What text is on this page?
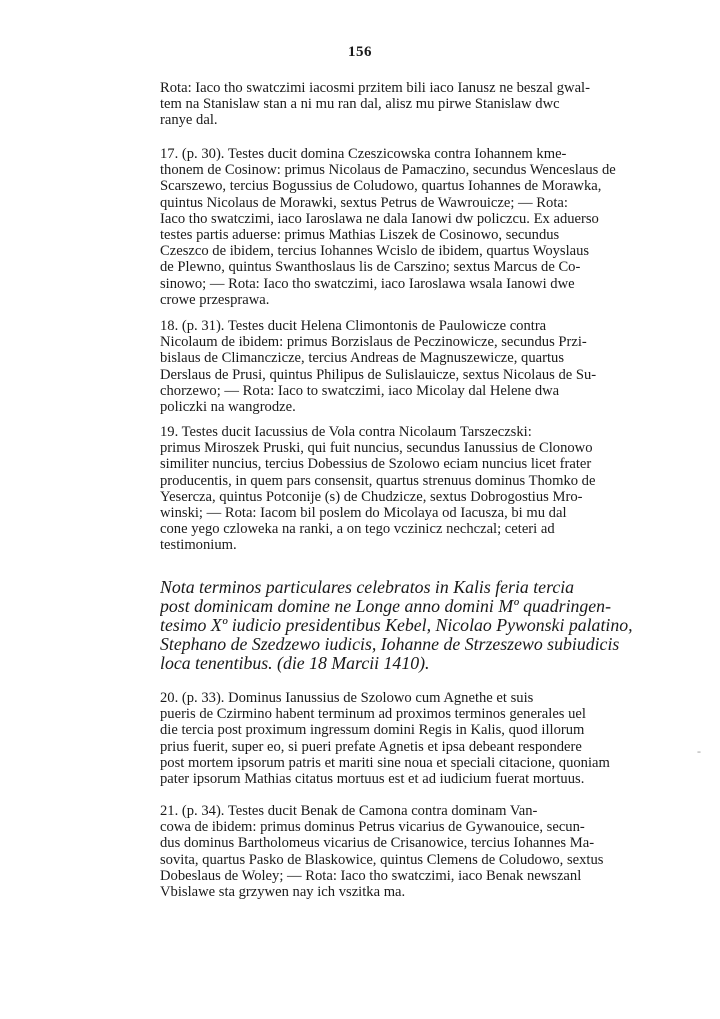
156
Rota: Iaco tho swatczimi iacosmi przitem bili iaco Ianusz ne beszal gwal-
tem na Stanislaw stan a ni mu ran dal, alisz mu pirwe Stanislaw dwc
ranye dal.
17. (p. 30). Testes ducit domina Czeszicowska contra Iohannem kme-
thonem de Cosinow: primus Nicolaus de Pamaczino, secundus Wenceslaus de
Scarszewo, tercius Bogussius de Coludowo, quartus Iohannes de Morawka,
quintus Nicolaus de Morawki, sextus Petrus de Wawrouicze; — Rota:
Iaco tho swatczimi, iaco Iaroslawa ne dala Ianowi dw policzcu. Ex aduerso
testes partis aduerse: primus Mathias Liszek de Cosinowo, secundus
Czeszco de ibidem, tercius Iohannes Wcislo de ibidem, quartus Woyslaus
de Plewno, quintus Swanthoslaus lis de Carszino; sextus Marcus de Co-
sinowo; — Rota: Iaco tho swatczimi, iaco Iaroslawa wsala Ianowi dwe
crowe przesprawa.
18. (p. 31). Testes ducit Helena Climontonis de Paulowicze contra
Nicolaum de ibidem: primus Borzislaus de Peczinowicze, secundus Przi-
bislaus de Climanczicze, tercius Andreas de Magnuszewicze, quartus
Derslaus de Prusi, quintus Philipus de Sulislauicze, sextus Nicolaus de Su-
chorzewo; — Rota: Iaco to swatczimi, iaco Micolay dal Helene dwa
policzki na wangrodze.
19. Testes ducit Iacussius de Vola contra Nicolaum Tarszeczski:
primus Miroszek Pruski, qui fuit nuncius, secundus Ianussius de Clonowo
similiter nuncius, tercius Dobessius de Szolowo eciam nuncius licet frater
producentis, in quem pars consensit, quartus strenuus dominus Thomko de
Yesercza, quintus Potconije (s) de Chudzicze, sextus Dobrogostius Mro-
winski; — Rota: Iacom bil poslem do Micolaya od Iacusza, bi mu dal
cone yego czloweka na ranki, a on tego vczinicz nechczal; ceteri ad
testimonium.
Nota terminos particulares celebratos in Kalis feria tercia
post dominicam domine ne Longe anno domini Mº quadringen-
tesimo Xº iudicio presidentibus Kebel, Nicolao Pywonski palatino,
Stephano de Szedzewo iudicis, Iohanne de Strzeszewo subiudicis
loca tenentibus. (die 18 Marcii 1410).
20. (p. 33). Dominus Ianussius de Szolowo cum Agnethe et suis
pueris de Czirmino habent terminum ad proximos terminos generales uel
die tercia post proximum ingressum domini Regis in Kalis, quod illorum
prius fuerit, super eo, si pueri prefate Agnetis et ipsa debeant respondere
post mortem ipsorum patris et mariti sine noua et speciali citacione, quoniam
pater ipsorum Mathias citatus mortuus est et ad iudicium fuerat mortuus.
21. (p. 34). Testes ducit Benak de Camona contra dominam Van-
cowa de ibidem: primus dominus Petrus vicarius de Gywanouice, secun-
dus dominus Bartholomeus vicarius de Crisanowice, tercius Iohannes Ma-
sovita, quartus Pasko de Blaskowice, quintus Clemens de Coludowo, sextus
Dobeslaus de Woley; — Rota: Iaco tho swatczimi, iaco Benak newszanl
Vbislawe sta grzywen nay ich vszitka ma.
-
